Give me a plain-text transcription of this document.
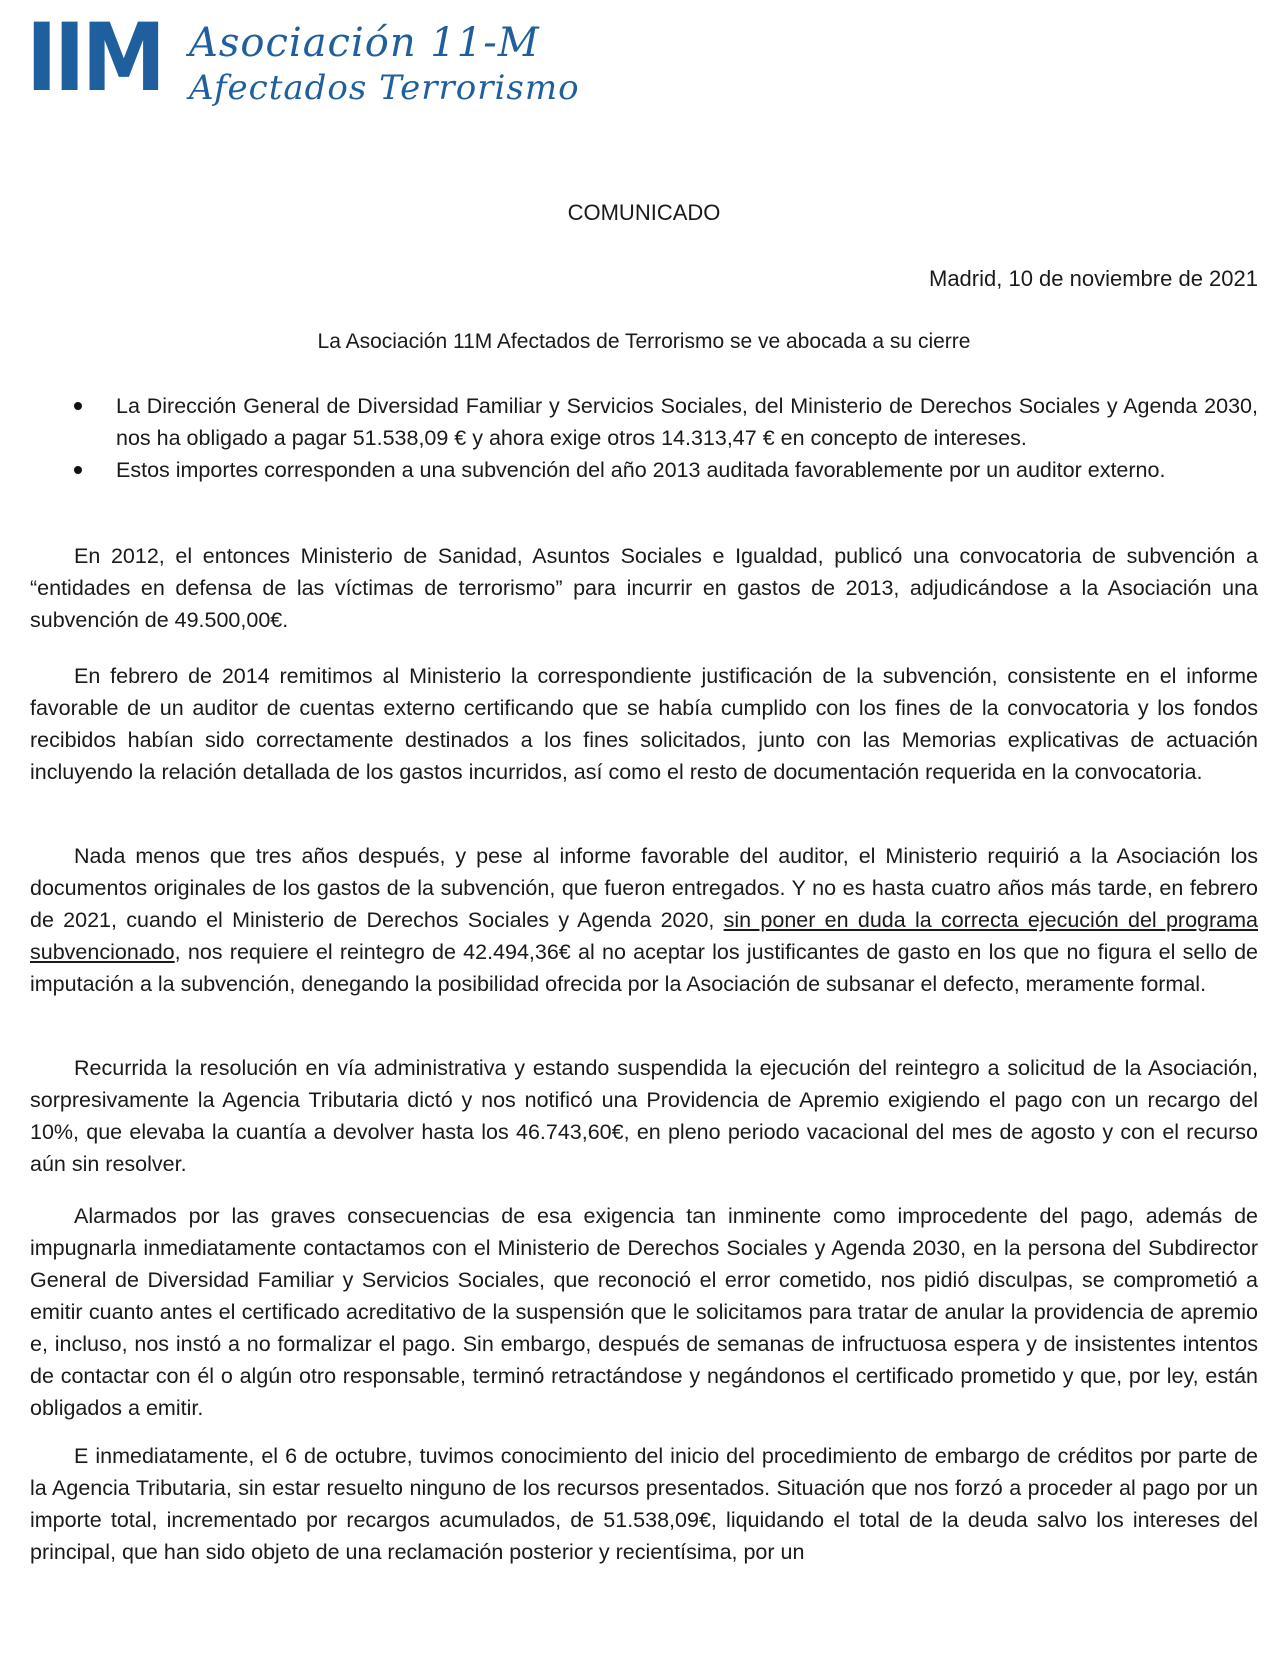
IIM Asociación 11-M
Afectados Terrorismo
COMUNICADO
Madrid, 10 de noviembre de 2021
La Asociación 11M Afectados de Terrorismo se ve abocada a su cierre
La Dirección General de Diversidad Familiar y Servicios Sociales, del Ministerio de Derechos Sociales y Agenda 2030, nos ha obligado a pagar 51.538,09 € y ahora exige otros 14.313,47 € en concepto de intereses.
Estos importes corresponden a una subvención del año 2013 auditada favorablemente por un auditor externo.

En 2012, el entonces Ministerio de Sanidad, Asuntos Sociales e Igualdad, publicó una convocatoria de subvención a “entidades en defensa de las víctimas de terrorismo” para incurrir en gastos de 2013, adjudicándose a la Asociación una subvención de 49.500,00€.

En febrero de 2014 remitimos al Ministerio la correspondiente justificación de la subvención, consistente en el informe favorable de un auditor de cuentas externo certificando que se había cumplido con los fines de la convocatoria y los fondos recibidos habían sido correctamente destinados a los fines solicitados, junto con las Memorias explicativas de actuación incluyendo la relación detallada de los gastos incurridos, así como el resto de documentación requerida en la convocatoria.

Nada menos que tres años después, y pese al informe favorable del auditor, el Ministerio requirió a la Asociación los documentos originales de los gastos de la subvención, que fueron entregados. Y no es hasta cuatro años más tarde, en febrero de 2021, cuando el Ministerio de Derechos Sociales y Agenda 2020, sin poner en duda la correcta ejecución del programa subvencionado, nos requiere el reintegro de 42.494,36€ al no aceptar los justificantes de gasto en los que no figura el sello de imputación a la subvención, denegando la posibilidad ofrecida por la Asociación de subsanar el defecto, meramente formal.

Recurrida la resolución en vía administrativa y estando suspendida la ejecución del reintegro a solicitud de la Asociación, sorpresivamente la Agencia Tributaria dictó y nos notificó una Providencia de Apremio exigiendo el pago con un recargo del 10%, que elevaba la cuantía a devolver hasta los 46.743,60€, en pleno periodo vacacional del mes de agosto y con el recurso aún sin resolver.

Alarmados por las graves consecuencias de esa exigencia tan inminente como improcedente del pago, además de impugnarla inmediatamente contactamos con el Ministerio de Derechos Sociales y Agenda 2030, en la persona del Subdirector General de Diversidad Familiar y Servicios Sociales, que reconoció el error cometido, nos pidió disculpas, se comprometió a emitir cuanto antes el certificado acreditativo de la suspensión que le solicitamos para tratar de anular la providencia de apremio e, incluso, nos instó a no formalizar el pago. Sin embargo, después de semanas de infructuosa espera y de insistentes intentos de contactar con él o algún otro responsable, terminó retractándose y negándonos el certificado prometido y que, por ley, están obligados a emitir.

E inmediatamente, el 6 de octubre, tuvimos conocimiento del inicio del procedimiento de embargo de créditos por parte de la Agencia Tributaria, sin estar resuelto ninguno de los recursos presentados. Situación que nos forzó a proceder al pago por un importe total, incrementado por recargos acumulados, de 51.538,09€, liquidando el total de la deuda salvo los intereses del principal, que han sido objeto de una reclamación posterior y recientísima, por un
